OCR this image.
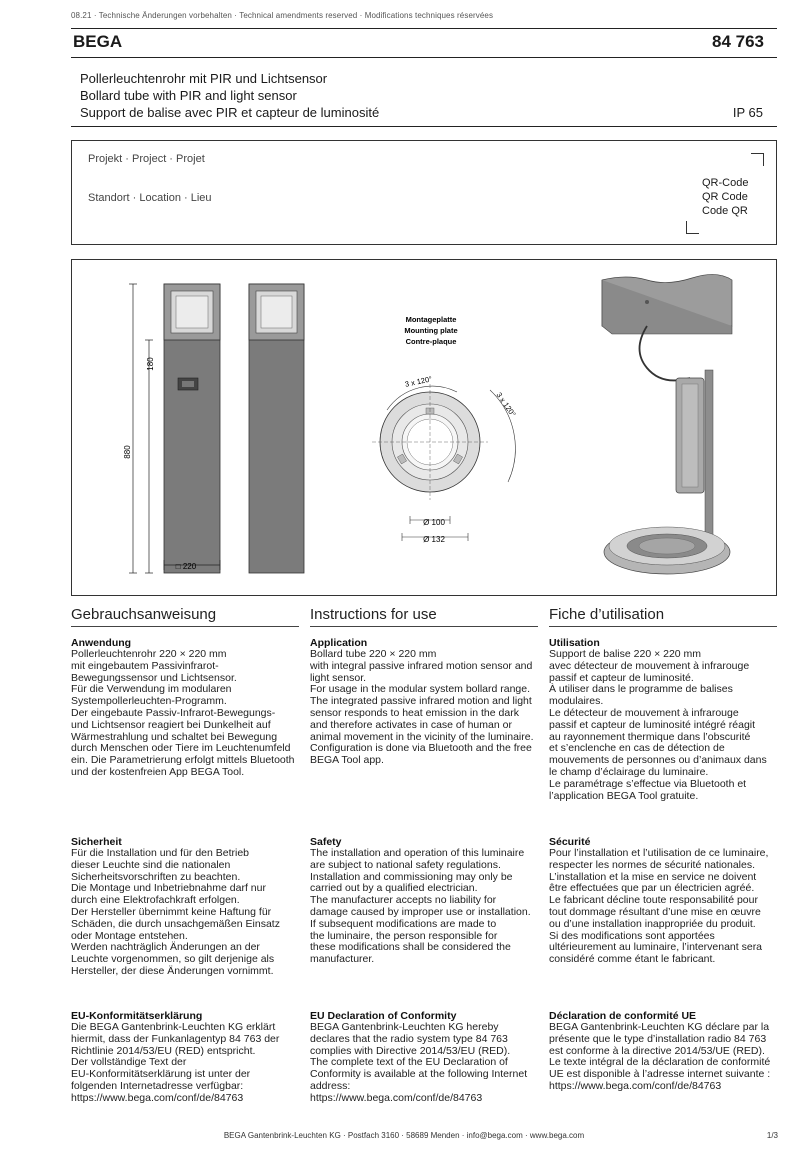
08.21 · Technische Änderungen vorbehalten · Technical amendments reserved · Modifications techniques réservées
BEGA	84 763
Pollerleuchtenrohr mit PIR und Lichtsensor
Bollard tube with PIR and light sensor
Support de balise avec PIR et capteur de luminosité	IP 65
Projekt · Project · Projet
Standort · Location · Lieu
QR-Code
QR Code
Code QR
180
880
□ 220
Montageplatte
Mounting plate
Contre-plaque
3 x 120°
3 x 120°
Ø 100
Ø 132
Gebrauchsanweisung	Instructions for use	Fiche d’utilisation
Anwendung

Pollerleuchtenrohr 220 × 220 mm
mit eingebautem Passivinfrarot-
Bewegungssensor und Lichtsensor.
Für die Verwendung im modularen
Systempollerleuchten-Programm.
Der eingebaute Passiv-Infrarot-Bewegungs-
und Lichtsensor reagiert bei Dunkelheit auf
Wärmestrahlung und schaltet bei Bewegung
durch Menschen oder Tiere im Leuchtenumfeld
ein. Die Parametrierung erfolgt mittels Bluetooth
und der kostenfreien App BEGA Tool.

Sicherheit

Für die Installation und für den Betrieb
dieser Leuchte sind die nationalen
Sicherheitsvorschriften zu beachten.
Die Montage und Inbetriebnahme darf nur
durch eine Elektrofachkraft erfolgen.
Der Hersteller übernimmt keine Haftung für
Schäden, die durch unsachgemäßen Einsatz
oder Montage entstehen.
Werden nachträglich Änderungen an der
Leuchte vorgenommen, so gilt derjenige als
Hersteller, der diese Änderungen vornimmt.

EU-Konformitätserklärung

Die BEGA Gantenbrink-Leuchten KG erklärt
hiermit, dass der Funkanlagentyp 84 763 der
Richtlinie 2014/53/EU (RED) entspricht.
Der vollständige Text der
EU-Konformitätserklärung ist unter der
folgenden Internetadresse verfügbar:
https://www.bega.com/conf/de/84763

Application

Bollard tube 220 × 220 mm
with integral passive infrared motion sensor and
light sensor.
For usage in the modular system bollard range.
The integrated passive infrared motion and light
sensor responds to heat emission in the dark
and therefore activates in case of human or
animal movement in the vicinity of the luminaire.
Configuration is done via Bluetooth and the free
BEGA Tool app.

Safety

The installation and operation of this luminaire
are subject to national safety regulations.
Installation and commissioning may only be
carried out by a qualified electrician.
The manufacturer accepts no liability for
damage caused by improper use or installation.
If subsequent modifications are made to
the luminaire, the person responsible for
these modifications shall be considered the
manufacturer.

EU Declaration of Conformity

BEGA Gantenbrink-Leuchten KG hereby
declares that the radio system type 84 763
complies with Directive 2014/53/EU (RED).
The complete text of the EU Declaration of
Conformity is available at the following Internet
address:
https://www.bega.com/conf/de/84763

Utilisation

Support de balise 220 × 220 mm
avec détecteur de mouvement à infrarouge
passif et capteur de luminosité.
À utiliser dans le programme de balises
modulaires.
Le détecteur de mouvement à infrarouge
passif et capteur de luminosité intégré réagit
au rayonnement thermique dans l’obscurité
et s’enclenche en cas de détection de
mouvements de personnes ou d’animaux dans
le champ d’éclairage du luminaire.
Le paramétrage s’effectue via Bluetooth et
l’application BEGA Tool gratuite.

Sécurité

Pour l’installation et l’utilisation de ce luminaire,
respecter les normes de sécurité nationales.
L’installation et la mise en service ne doivent
être effectuées que par un électricien agréé.
Le fabricant décline toute responsabilité pour
tout dommage résultant d’une mise en œuvre
ou d’une installation inappropriée du produit.
Si des modifications sont apportées
ultérieurement au luminaire, l’intervenant sera
considéré comme étant le fabricant.

Déclaration de conformité UE

BEGA Gantenbrink-Leuchten KG déclare par la
présente que le type d’installation radio 84 763
est conforme à la directive 2014/53/UE (RED).
Le texte intégral de la déclaration de conformité
UE est disponible à l’adresse internet suivante :
https://www.bega.com/conf/de/84763

BEGA Gantenbrink-Leuchten KG · Postfach 3160 · 58689 Menden · info@bega.com · www.bega.com	1/3
